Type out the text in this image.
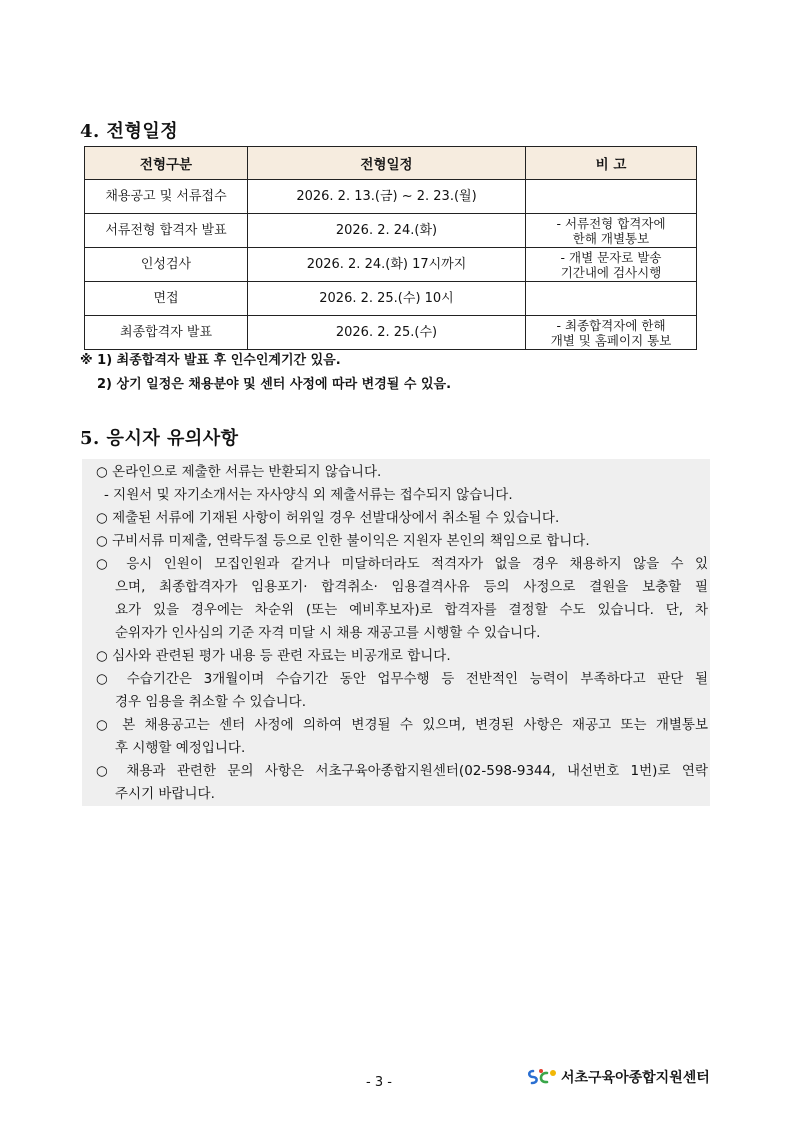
4. 전형일정
전형구분	전형일정	비 고
채용공고 및 서류접수	2026. 2. 13.(금) ~ 2. 23.(월)	
서류전형 합격자 발표	2026. 2. 24.(화)	- 서류전형 합격자에
한해 개별통보

인성검사	2026. 2. 24.(화) 17시까지	- 개별 문자로 발송
기간내에 검사시행

면접	2026. 2. 25.(수) 10시	
최종합격자 발표	2026. 2. 25.(수)	- 최종합격자에 한해
개별 및 홈페이지 통보
※ 1) 최종합격자 발표 후 인수인계기간 있음.
2) 상기 일정은 채용분야 및 센터 사정에 따라 변경될 수 있음.
5. 응시자 유의사항
○ 온라인으로 제출한 서류는 반환되지 않습니다.
- 지원서 및 자기소개서는 자사양식 외 제출서류는 접수되지 않습니다.
○ 제출된 서류에 기재된 사항이 허위일 경우 선발대상에서 취소될 수 있습니다.
○ 구비서류 미제출, 연락두절 등으로 인한 불이익은 지원자 본인의 책임으로 합니다.
○ 응시 인원이 모집인원과 같거나 미달하더라도 적격자가 없을 경우 채용하지 않을 수 있
으며, 최종합격자가 임용포기· 합격취소· 임용결격사유 등의 사정으로 결원을 보충할 필
요가 있을 경우에는 차순위 (또는 예비후보자)로 합격자를 결정할 수도 있습니다. 단, 차
순위자가 인사심의 기준 자격 미달 시 채용 재공고를 시행할 수 있습니다.
○ 심사와 관련된 평가 내용 등 관련 자료는 비공개로 합니다.
○ 수습기간은 3개월이며 수습기간 동안 업무수행 등 전반적인 능력이 부족하다고 판단 될
경우 임용을 취소할 수 있습니다.
○ 본 채용공고는 센터 사정에 의하여 변경될 수 있으며, 변경된 사항은 재공고 또는 개별통보
후 시행할 예정입니다.
○ 채용과 관련한 문의 사항은 서초구육아종합지원센터(02-598-9344, 내선번호 1번)로 연락
주시기 바랍니다.
- 3 -	서초구육아종합지원센터
